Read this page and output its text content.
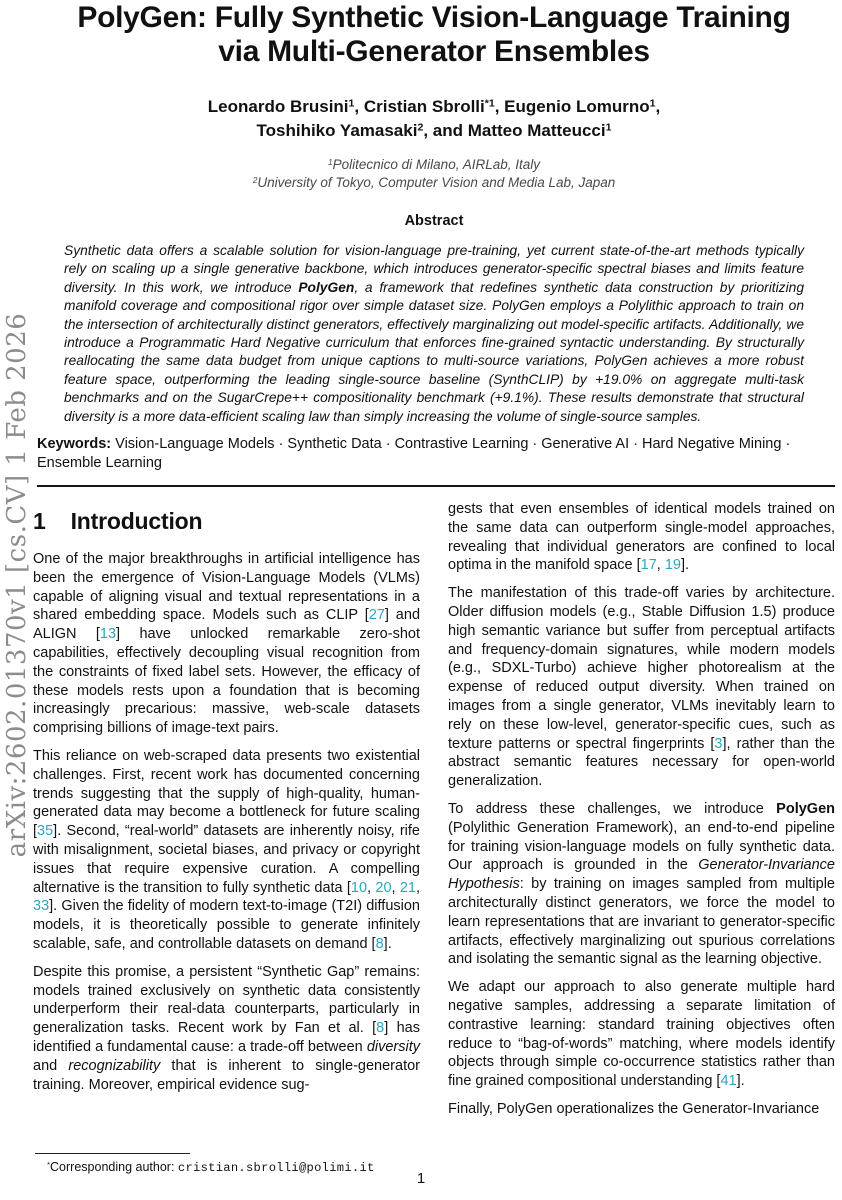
arXiv:2602.01370v1 [cs.CV] 1 Feb 2026
PolyGen: Fully Synthetic Vision-Language Training
via Multi-Generator Ensembles
Leonardo Brusini$^1$, Cristian Sbrolli$^{*1}$, Eugenio Lomurno$^1$,
Toshihiko Yamasaki$^2$, and Matteo Matteucci$^1$
$^1$Politecnico di Milano, AIRLab, Italy
$^2$University of Tokyo, Computer Vision and Media Lab, Japan
Abstract

Synthetic data offers a scalable solution for vision-language pre-training, yet current state-of-the-art methods typically rely on scaling up a single generative backbone, which introduces generator-specific spectral biases and limits feature diversity. In this work, we introduce PolyGen, a framework that redefines synthetic data construction by prioritizing manifold coverage and compositional rigor over simple dataset size. PolyGen employs a Polylithic approach to train on the intersection of architecturally distinct generators, effectively marginalizing out model-specific artifacts. Additionally, we introduce a Programmatic Hard Negative curriculum that enforces fine-grained syntactic understanding. By structurally reallocating the same data budget from unique captions to multi-source variations, PolyGen achieves a more robust feature space, outperforming the leading single-source baseline (SynthCLIP) by +19.0% on aggregate multi-task benchmarks and on the SugarCrepe++ compositionality benchmark (+9.1%). These results demonstrate that structural diversity is a more data-efficient scaling law than simply increasing the volume of single-source samples.

Keywords: Vision-Language Models · Synthetic Data · Contrastive Learning · Generative AI · Hard Negative Mining · Ensemble Learning

1 Introduction

One of the major breakthroughs in artificial intelligence has been the emergence of Vision-Language Models (VLMs) capable of aligning visual and textual representations in a shared embedding space. Models such as CLIP [27] and ALIGN [13] have unlocked remarkable zero-shot capabilities, effectively decoupling visual recognition from the constraints of fixed label sets. However, the efficacy of these models rests upon a foundation that is becoming increasingly precarious: massive, web-scale datasets comprising billions of image-text pairs.

This reliance on web-scraped data presents two existential challenges. First, recent work has documented concerning trends suggesting that the supply of high-quality, human-generated data may become a bottleneck for future scaling [35]. Second, “real-world” datasets are inherently noisy, rife with misalignment, societal biases, and privacy or copyright issues that require expensive curation. A compelling alternative is the transition to fully synthetic data [10, 20, 21, 33]. Given the fidelity of modern text-to-image (T2I) diffusion models, it is theoretically possible to generate infinitely scalable, safe, and controllable datasets on demand [8].

Despite this promise, a persistent “Synthetic Gap” remains: models trained exclusively on synthetic data consistently underperform their real-data counterparts, particularly in generalization tasks. Recent work by Fan et al. [8] has identified a fundamental cause: a trade-off between diversity and recognizability that is inherent to single-generator training. Moreover, empirical evidence sug-

*Corresponding author: cristian.sbrolli@polimi.it

gests that even ensembles of identical models trained on the same data can outperform single-model approaches, revealing that individual generators are confined to local optima in the manifold space [17, 19].

The manifestation of this trade-off varies by architecture. Older diffusion models (e.g., Stable Diffusion 1.5) produce high semantic variance but suffer from perceptual artifacts and frequency-domain signatures, while modern models (e.g., SDXL-Turbo) achieve higher photorealism at the expense of reduced output diversity. When trained on images from a single generator, VLMs inevitably learn to rely on these low-level, generator-specific cues, such as texture patterns or spectral fingerprints [3], rather than the abstract semantic features necessary for open-world generalization.

To address these challenges, we introduce PolyGen (Polylithic Generation Framework), an end-to-end pipeline for training vision-language models on fully synthetic data. Our approach is grounded in the Generator-Invariance Hypothesis: by training on images sampled from multiple architecturally distinct generators, we force the model to learn representations that are invariant to generator-specific artifacts, effectively marginalizing out spurious correlations and isolating the semantic signal as the learning objective.

We adapt our approach to also generate multiple hard negative samples, addressing a separate limitation of contrastive learning: standard training objectives often reduce to “bag-of-words” matching, where models identify objects through simple co-occurrence statistics rather than fine grained compositional understanding [41].

Finally, PolyGen operationalizes the Generator-Invariance

1
